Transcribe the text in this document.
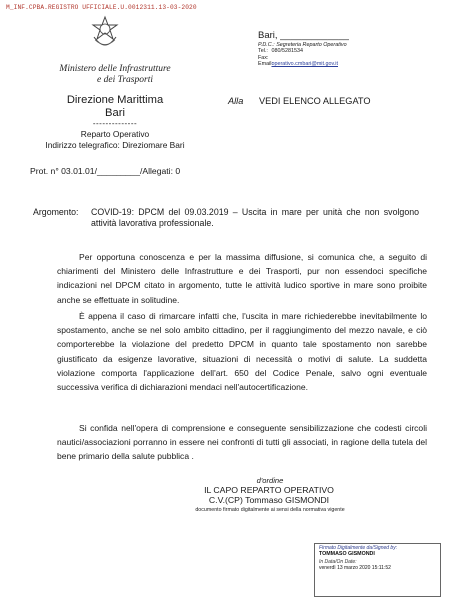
M_INF.CPBA.REGISTRO UFFICIALE.U.0012311.13-03-2020
Ministero delle Infrastrutture
e dei Trasporti
Direzione Marittima
Bari
--------------
Reparto Operativo
Indirizzo telegrafico: Direziomare Bari
Bari, _____________
P.D.C.: Segreteria Reparto Operativo
Tel.: 080/5281534
Fax:
Email: operativo.cmbari@mit.gov.it
Alla VEDI ELENCO ALLEGATO
Prot. n° 03.01.01/_________/Allegati: 0
Argomento: COVID-19: DPCM del 09.03.2019 – Uscita in mare per unità che non svolgono attività lavorativa professionale.
Per opportuna conoscenza e per la massima diffusione, si comunica che, a seguito di chiarimenti del Ministero delle Infrastrutture e dei Trasporti, pur non essendoci specifiche indicazioni nel DPCM citato in argomento, tutte le attività ludico sportive in mare sono proibite anche se effettuate in solitudine.
È appena il caso di rimarcare infatti che, l'uscita in mare richiederebbe inevitabilmente lo spostamento, anche se nel solo ambito cittadino, per il raggiungimento del mezzo navale, e ciò comporterebbe la violazione del predetto DPCM in quanto tale spostamento non sarebbe giustificato da esigenze lavorative, situazioni di necessità o motivi di salute. La suddetta violazione comporta l'applicazione dell'art. 650 del Codice Penale, salvo ogni eventuale successiva verifica di dichiarazioni mendaci nell'autocertificazione.
Si confida nell'opera di comprensione e conseguente sensibilizzazione che codesti circoli nautici/associazioni porranno in essere nei confronti di tutti gli associati, in ragione della tutela del bene primario della salute pubblica .
d'ordine
IL CAPO REPARTO OPERATIVO
C.V.(CP) Tommaso GISMONDI
documento firmato digitalmente ai sensi della normativa vigente
Firmato Digitalmente da/Signed by:
TOMMASO GISMONDI
In Data/On Date:
venerdì 13 marzo 2020 15:11:52
